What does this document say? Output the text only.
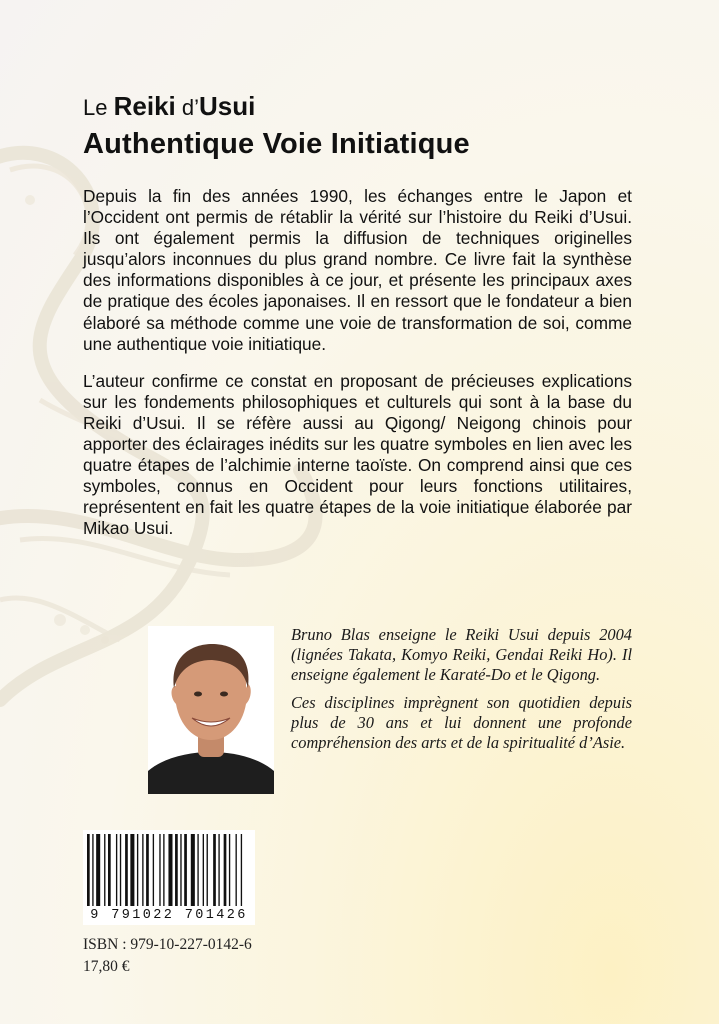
Le Reiki d’Usui
Authentique Voie Initiatique

Depuis la fin des années 1990, les échanges entre le Japon et l’Occident ont permis de rétablir la vérité sur l’histoire du Reiki d’Usui. Ils ont également permis la diffusion de techniques originelles jusqu’alors inconnues du plus grand nombre. Ce livre fait la synthèse des informations disponibles à ce jour, et présente les principaux axes de pratique des écoles japonaises. Il en ressort que le fondateur a bien élaboré sa méthode comme une voie de transformation de soi, comme une authentique voie initiatique.

L’auteur confirme ce constat en proposant de précieuses explications sur les fondements philosophiques et culturels qui sont à la base du Reiki d’Usui. Il se réfère aussi au Qigong/ Neigong chinois pour apporter des éclairages inédits sur les quatre symboles en lien avec les quatre étapes de l’alchimie interne taoïste. On comprend ainsi que ces symboles, connus en Occident pour leurs fonctions utilitaires, représentent en fait les quatre étapes de la voie initiatique élaborée par Mikao Usui.

Bruno Blas enseigne le Reiki Usui depuis 2004 (lignées Takata, Komyo Reiki, Gendai Reiki Ho). Il enseigne également le Karaté-Do et le Qigong.

Ces disciplines imprègnent son quotidien depuis plus de 30 ans et lui donnent une profonde compréhension des arts et de la spiritualité d’Asie.

9 791022 701426
ISBN : 979-10-227-0142-6
17,80 €
